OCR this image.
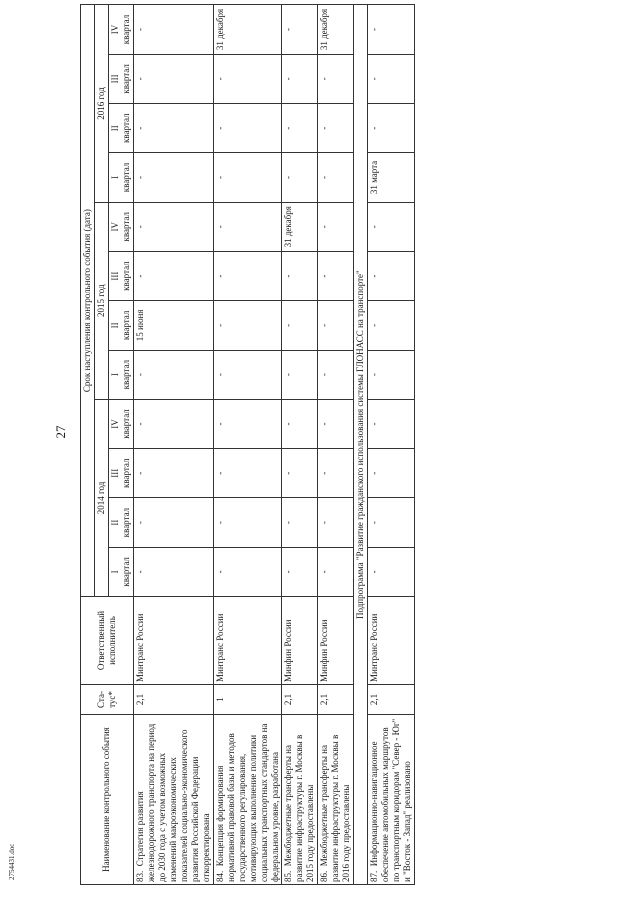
27
2754431.doc	Наименование контрольного события	Ста-
тус*	Ответственный
исполнитель	Срок наступления контрольного события (дата)											
			2014 год				2015 год				2016 год			
			I
квартал	II
квартал	III
квартал	IV
квартал	I
квартал	II
квартал	III
квартал	IV
квартал	I
квартал	II
квартал	III
квартал	IV
квартал
83.  Стратегия развития железнодорожного транспорта на период до 2030 года с учетом возможных изменений макроэкономических показателей социально-экономического развития Российской Федерации откорректирована	2,1	Минтранс России	-	-	-	-	-	15 июня	-	-	-	-	-	-
84.  Концепция формирования нормативной правовой базы и методов государственного регулирования, мотивирующих выполнение политики социальных транспортных стандартов на федеральном уровне, разработана	1	Минтранс России	-	-	-	-	-	-	-	-	-	-	-	31 декабря
85.  Межбюджетные трансферты на развитие инфраструктуры г. Москвы в 2015 году предоставлены	2,1	Минфин России	-	-	-	-	-	-	-	31 декабря	-	-	-	-
86.  Межбюджетные трансферты на развитие инфраструктуры г. Москвы в 2016 году предоставлены	2,1	Минфин России	-	-	-	-	-	-	-	-	-	-	-	31 декабря
Подпрограмма "Развитие гражданского использования системы ГЛОНАСС на транспорте"														
87.  Информационно-навигационное обеспечение автомобильных маршрутов по транспортным коридорам "Север - Юг" и "Восток - Запад" реализовано	2,1	Минтранс России	-	-	-	-	-	-	-	-	31 марта	-	-	-
